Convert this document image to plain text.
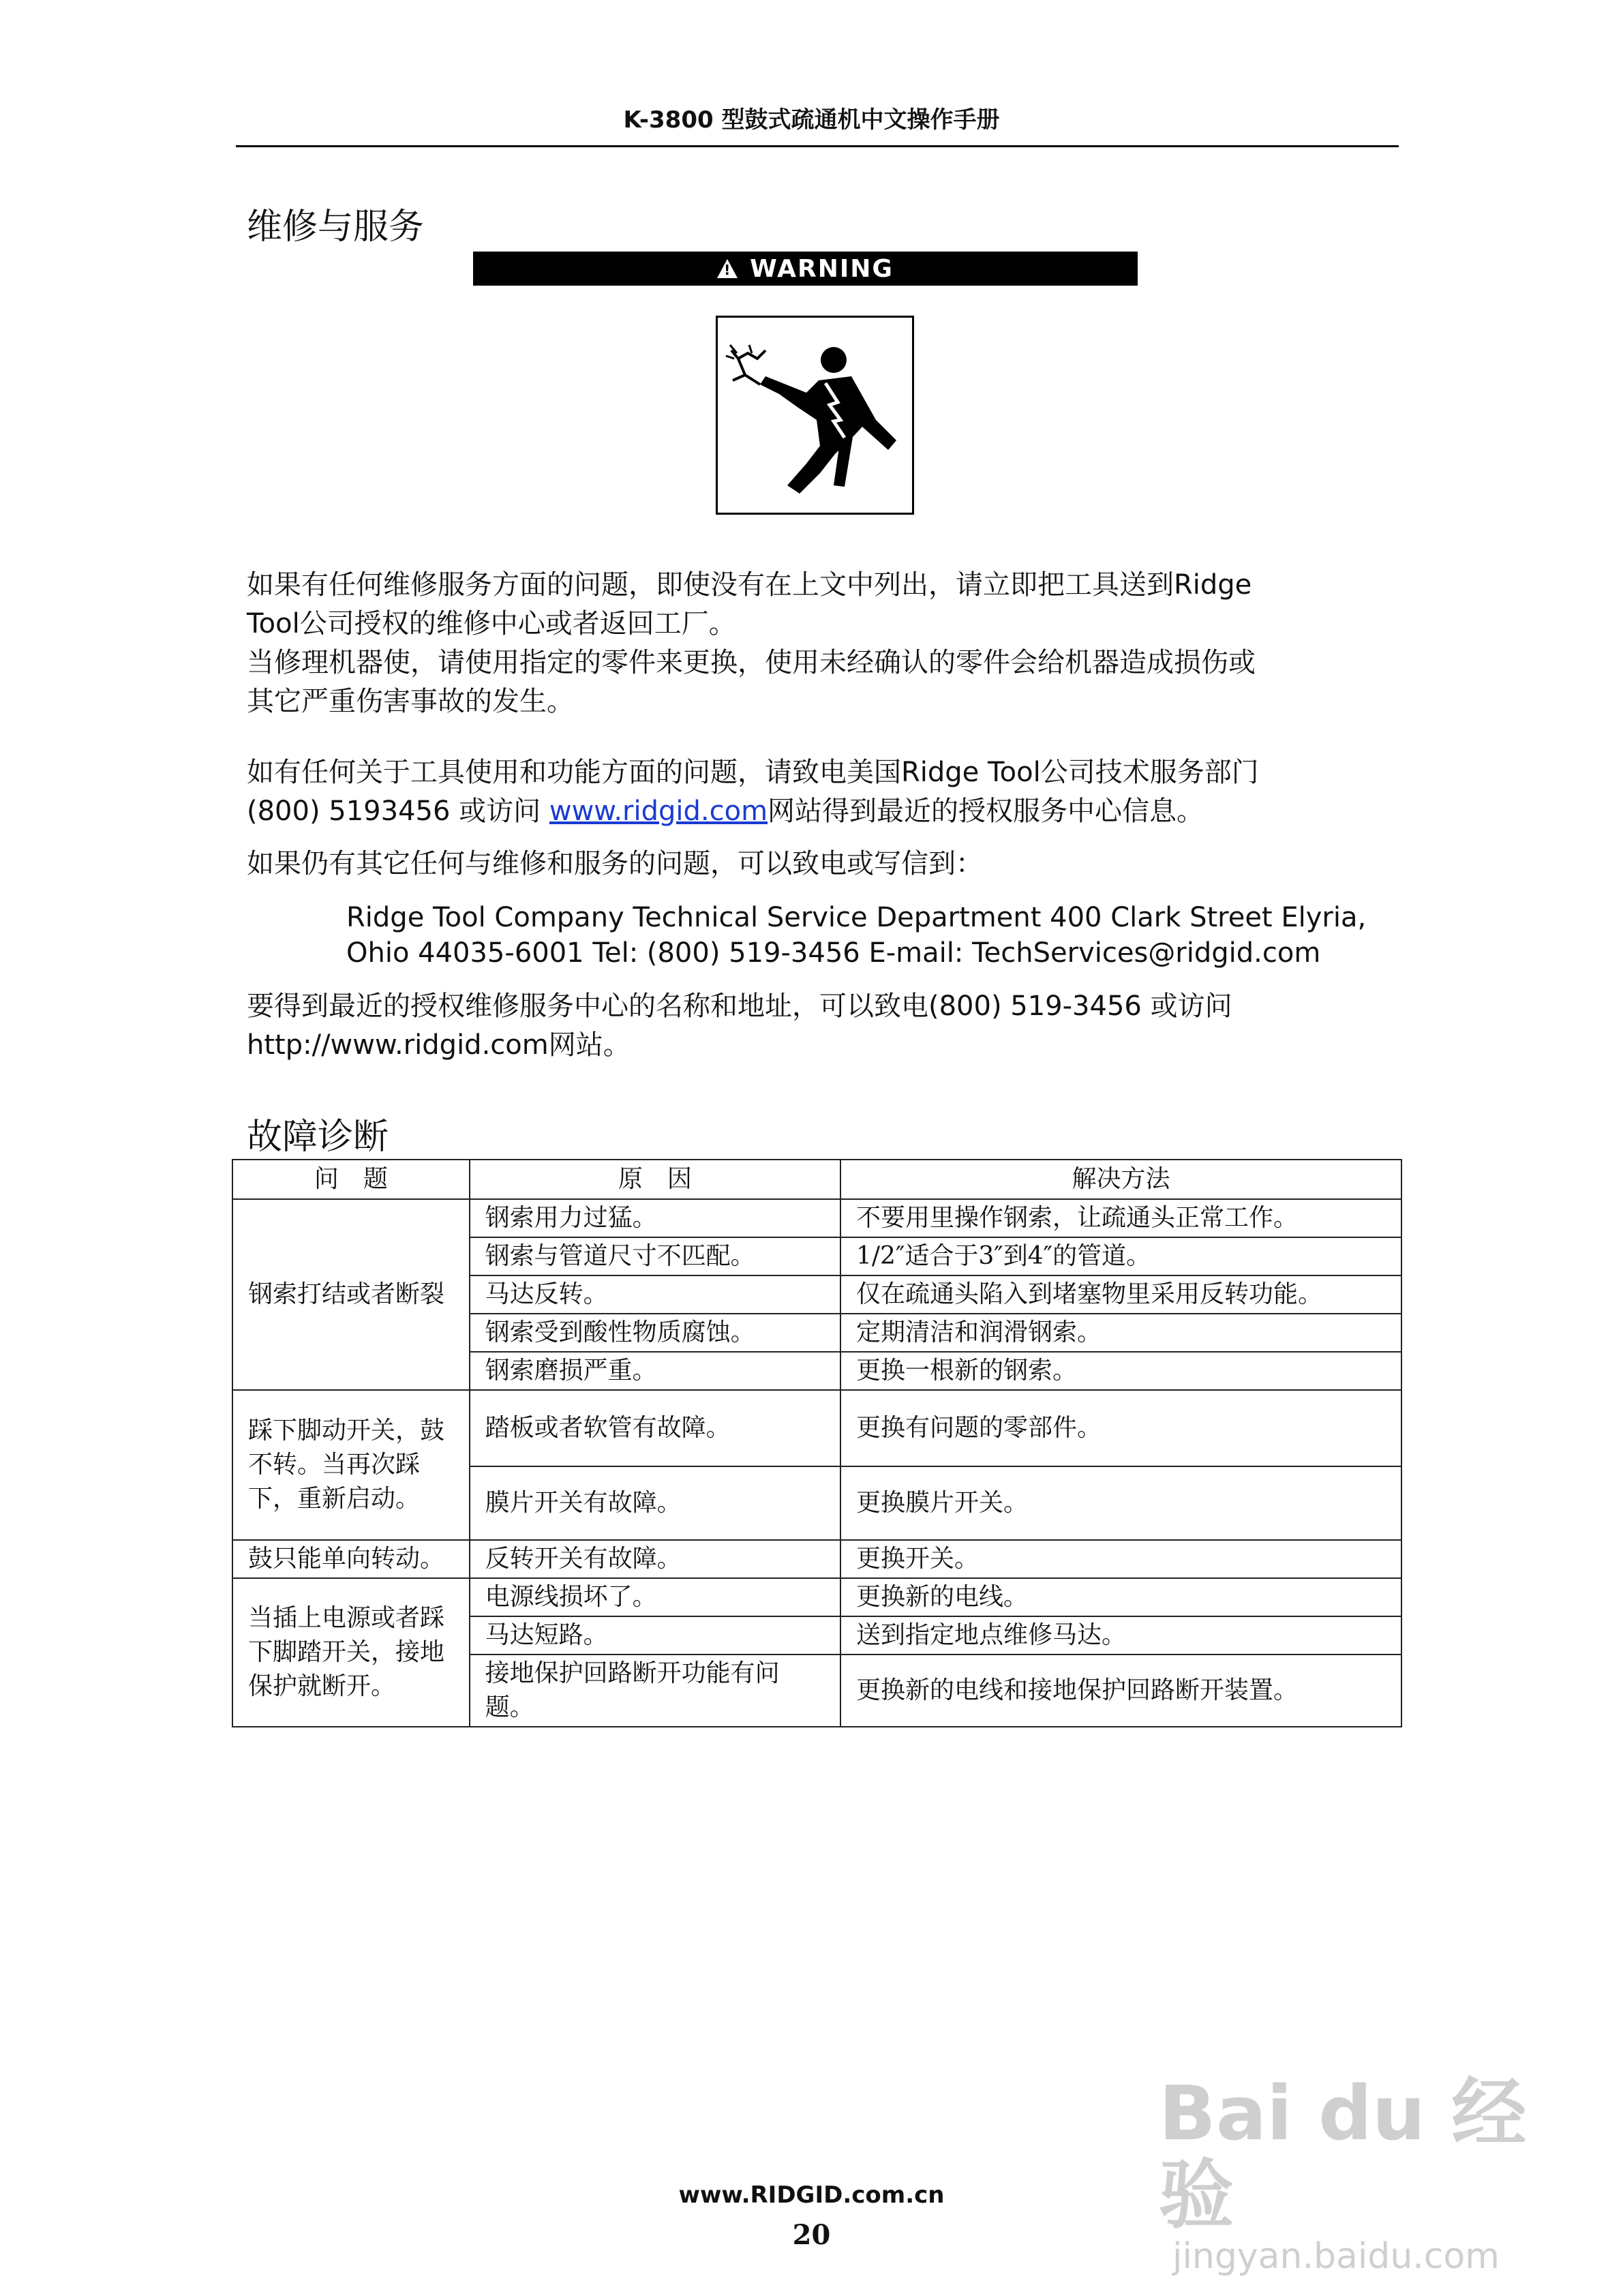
K-3800 型鼓式疏通机中文操作手册
维修与服务
!
WARNING
如果有任何维修服务方面的问题，即使没有在上文中列出，请立即把工具送到Ridge
Tool公司授权的维修中心或者返回工厂。
当修理机器使，请使用指定的零件来更换，使用未经确认的零件会给机器造成损伤或
其它严重伤害事故的发生。
如有任何关于工具使用和功能方面的问题，请致电美国Ridge Tool公司技术服务部门
(800) 5193456 或访问 www.ridgid.com网站得到最近的授权服务中心信息。
如果仍有其它任何与维修和服务的问题，可以致电或写信到：
Ridge Tool Company Technical Service Department 400 Clark Street Elyria,
Ohio 44035-6001 Tel: (800) 519-3456 E-mail: TechServices@ridgid.com
要得到最近的授权维修服务中心的名称和地址，可以致电(800) 519-3456 或访问
http://www.ridgid.com网站。
故障诊断
问　题	原　因	解决方法
钢索打结或者断裂	钢索用力过猛。	不要用里操作钢索，让疏通头正常工作。
	钢索与管道尺寸不匹配。	1/2″适合于3″到4″的管道。
	马达反转。	仅在疏通头陷入到堵塞物里采用反转功能。
	钢索受到酸性物质腐蚀。	定期清洁和润滑钢索。
	钢索磨损严重。	更换一根新的钢索。
踩下脚动开关，鼓不转。当再次踩下，重新启动。	踏板或者软管有故障。	更换有问题的零部件。
	膜片开关有故障。	更换膜片开关。
鼓只能单向转动。	反转开关有故障。	更换开关。
当插上电源或者踩下脚踏开关，接地保护就断开。	电源线损坏了。	更换新的电线。
	马达短路。	送到指定地点维修马达。
	接地保护回路断开功能有问题。	更换新的电线和接地保护回路断开装置。
Bai du 经验
jingyan.baidu.com
www.RIDGID.com.cn
20
